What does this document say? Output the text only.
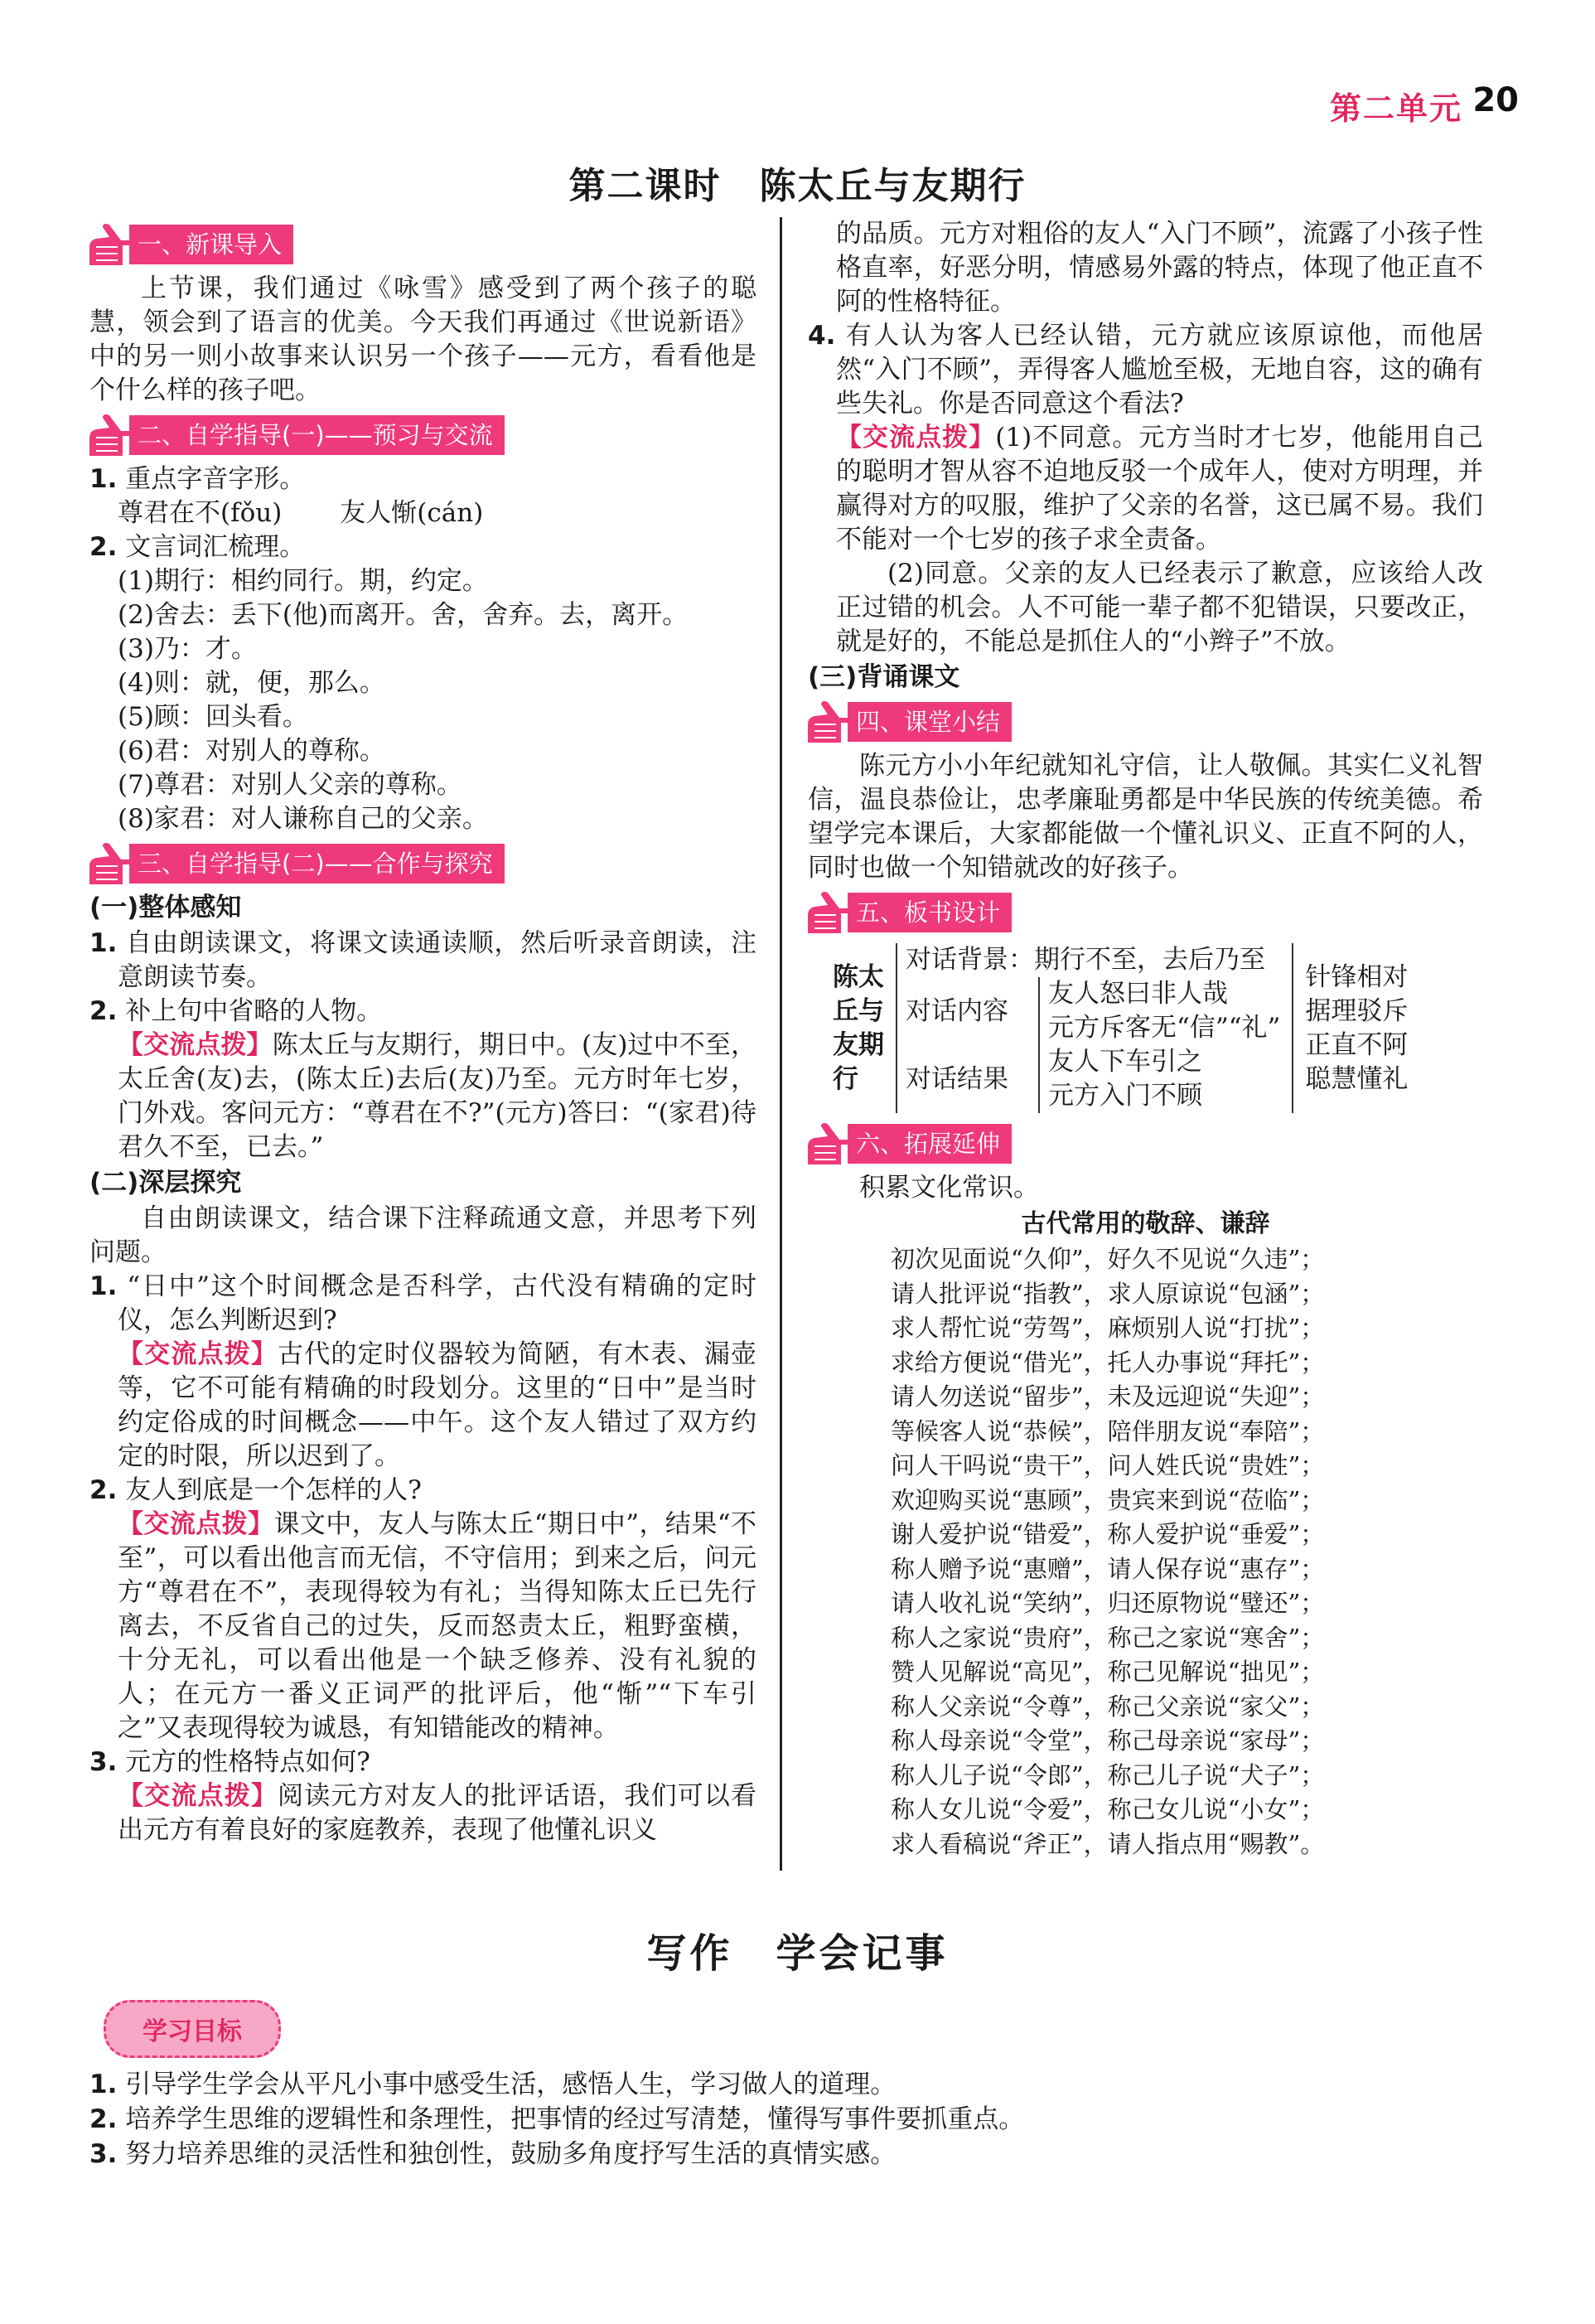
第二单元 20
第二课时　陈太丘与友期行
一、新课导入

上节课，我们通过《咏雪》感受到了两个孩子的聪慧，领会到了语言的优美。今天我们再通过《世说新语》中的另一则小故事来认识另一个孩子——元方，看看他是个什么样的孩子吧。

二、自学指导(一)——预习与交流

1. 重点字音字形。

尊君在不(fǒu) 友人惭(cán)

2. 文言词汇梳理。

(1)期行：相约同行。期，约定。

(2)舍去：丢下(他)而离开。舍，舍弃。去，离开。

(3)乃：才。

(4)则：就，便，那么。

(5)顾：回头看。

(6)君：对别人的尊称。

(7)尊君：对别人父亲的尊称。

(8)家君：对人谦称自己的父亲。

三、自学指导(二)——合作与探究

(一)整体感知

1. 自由朗读课文，将课文读通读顺，然后听录音朗读，注意朗读节奏。

2. 补上句中省略的人物。

【交流点拨】陈太丘与友期行，期日中。(友)过中不至，太丘舍(友)去，(陈太丘)去后(友)乃至。元方时年七岁，门外戏。客问元方：“尊君在不?”(元方)答曰：“(家君)待君久不至，已去。”

(二)深层探究

自由朗读课文，结合课下注释疏通文意，并思考下列问题。

1. “日中”这个时间概念是否科学，古代没有精确的定时仪，怎么判断迟到?

【交流点拨】古代的定时仪器较为简陋，有木表、漏壶等，它不可能有精确的时段划分。这里的“日中”是当时约定俗成的时间概念——中午。这个友人错过了双方约定的时限，所以迟到了。

2. 友人到底是一个怎样的人?

【交流点拨】课文中，友人与陈太丘“期日中”，结果“不至”，可以看出他言而无信，不守信用；到来之后，问元方“尊君在不”，表现得较为有礼；当得知陈太丘已先行离去，不反省自己的过失，反而怒责太丘，粗野蛮横，十分无礼，可以看出他是一个缺乏修养、没有礼貌的人；在元方一番义正词严的批评后，他“惭”“下车引之”又表现得较为诚恳，有知错能改的精神。

3. 元方的性格特点如何?

【交流点拨】阅读元方对友人的批评话语，我们可以看出元方有着良好的家庭教养，表现了他懂礼识义

的品质。元方对粗俗的友人“入门不顾”，流露了小孩子性格直率，好恶分明，情感易外露的特点，体现了他正直不阿的性格特征。

4. 有人认为客人已经认错，元方就应该原谅他，而他居然“入门不顾”，弄得客人尴尬至极，无地自容，这的确有些失礼。你是否同意这个看法?

【交流点拨】(1)不同意。元方当时才七岁，他能用自己的聪明才智从容不迫地反驳一个成年人，使对方明理，并赢得对方的叹服，维护了父亲的名誉，这已属不易。我们不能对一个七岁的孩子求全责备。

(2)同意。父亲的友人已经表示了歉意，应该给人改正过错的机会。人不可能一辈子都不犯错误，只要改正，就是好的，不能总是抓住人的“小辫子”不放。

(三)背诵课文

四、课堂小结

陈元方小小年纪就知礼守信，让人敬佩。其实仁义礼智信，温良恭俭让，忠孝廉耻勇都是中华民族的传统美德。希望学完本课后，大家都能做一个懂礼识义、正直不阿的人，同时也做一个知错就改的好孩子。

五、板书设计
陈太
丘与
友期
行
对话背景 ：期行不至，去后乃至
对话内容
友人怒曰非人哉
元方斥客无“信”“礼”
对话结果
友人下车引之
元方入门不顾
针锋相对
据理驳斥
正直不阿
聪慧懂礼
六、拓展延伸

积累文化常识。

古代常用的敬辞、谦辞

初次见面说“久仰”，好久不见说“久违”；

请人批评说“指教”，求人原谅说“包涵”；

求人帮忙说“劳驾”，麻烦别人说“打扰”；

求给方便说“借光”，托人办事说“拜托”；

请人勿送说“留步”，未及远迎说“失迎”；

等候客人说“恭候”，陪伴朋友说“奉陪”；

问人干吗说“贵干”，问人姓氏说“贵姓”；

欢迎购买说“惠顾”，贵宾来到说“莅临”；

谢人爱护说“错爱”，称人爱护说“垂爱”；

称人赠予说“惠赠”，请人保存说“惠存”；

请人收礼说“笑纳”，归还原物说“璧还”；

称人之家说“贵府”，称己之家说“寒舍”；

赞人见解说“高见”，称己见解说“拙见”；

称人父亲说“令尊”，称己父亲说“家父”；

称人母亲说“令堂”，称己母亲说“家母”；

称人儿子说“令郎”，称己儿子说“犬子”；

称人女儿说“令爱”，称己女儿说“小女”；

求人看稿说“斧正”，请人指点用“赐教”。

写作　学会记事
学习目标

1. 引导学生学会从平凡小事中感受生活，感悟人生，学习做人的道理。

2. 培养学生思维的逻辑性和条理性，把事情的经过写清楚，懂得写事件要抓重点。

3. 努力培养思维的灵活性和独创性，鼓励多角度抒写生活的真情实感。
